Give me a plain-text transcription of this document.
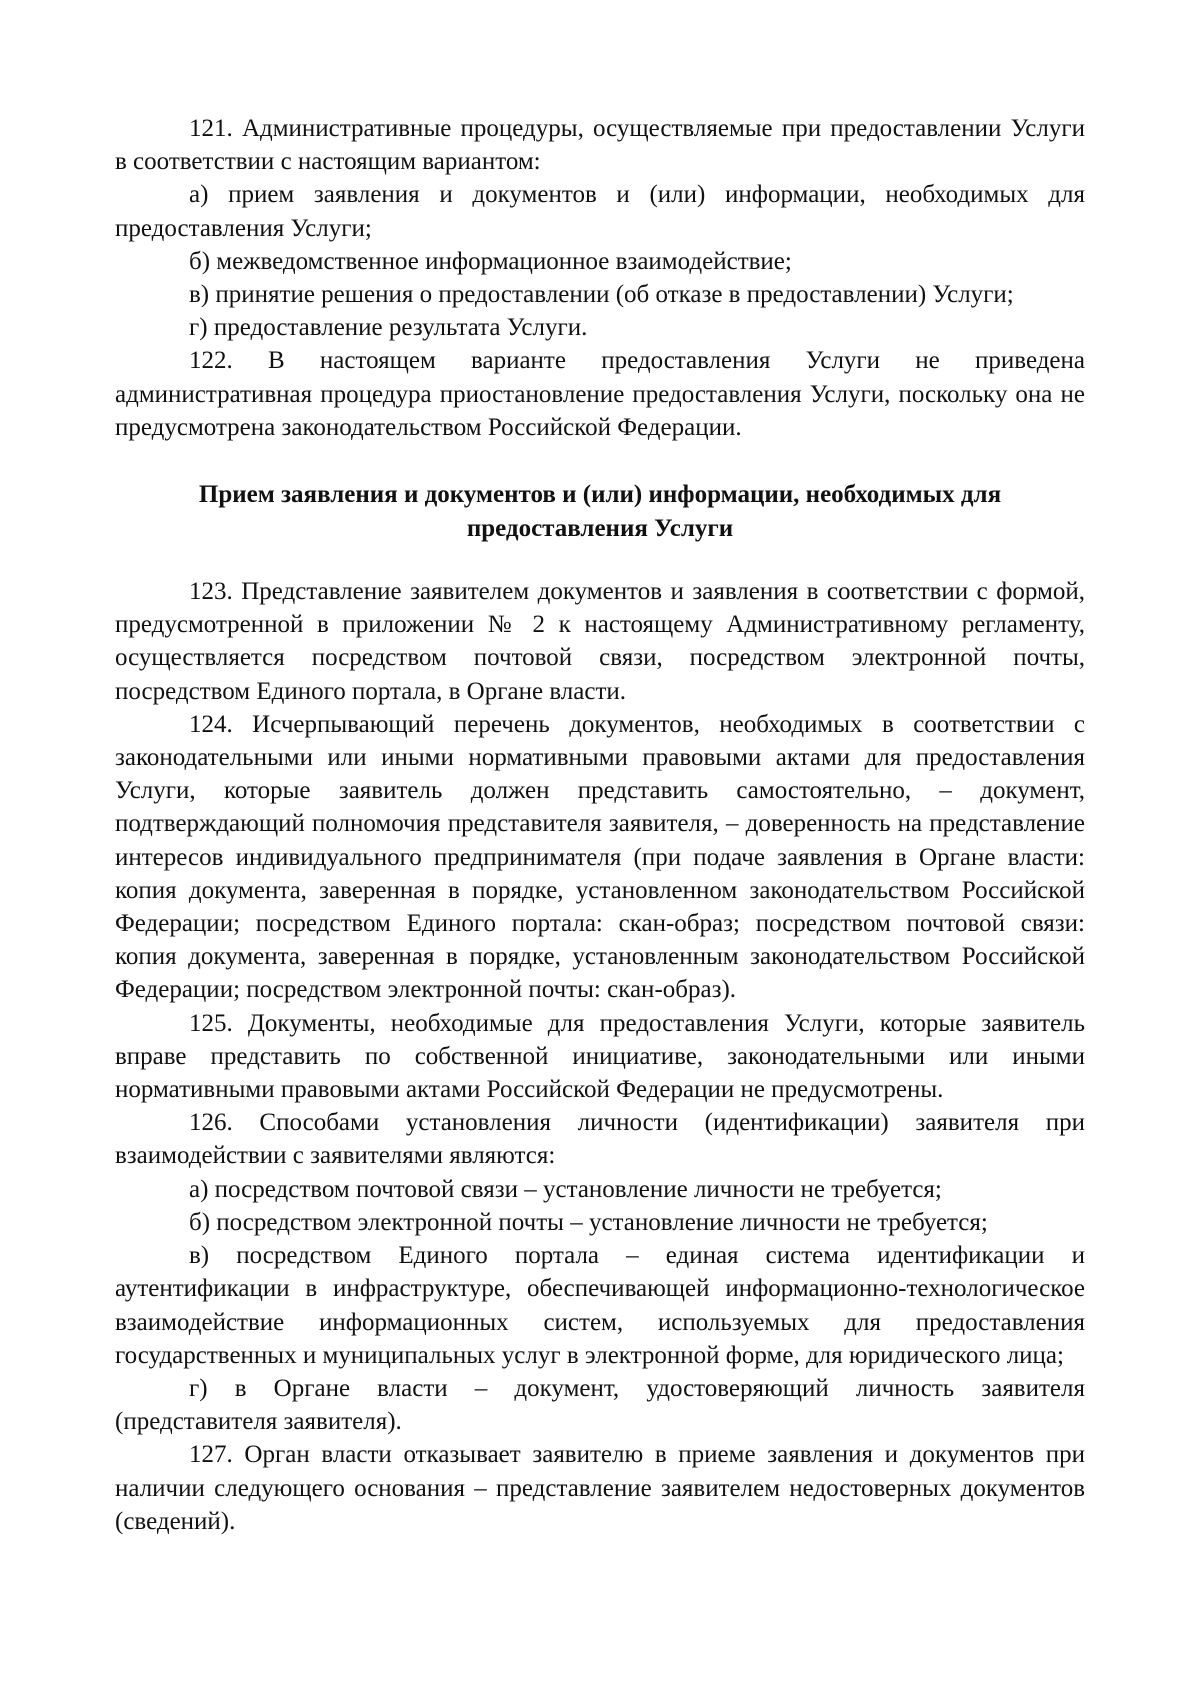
121. Административные процедуры, осуществляемые при предоставлении Услуги в соответствии с настоящим вариантом:

а) прием заявления и документов и (или) информации, необходимых для предоставления Услуги;

б) межведомственное информационное взаимодействие;

в) принятие решения о предоставлении (об отказе в предоставлении) Услуги;

г) предоставление результата Услуги.

122. В настоящем варианте предоставления Услуги не приведена административная процедура приостановление предоставления Услуги, поскольку она не предусмотрена законодательством Российской Федерации.

Прием заявления и документов и (или) информации, необходимых для
предоставления Услуги

123. Представление заявителем документов и заявления в соответствии с формой, предусмотренной в приложении № 2 к настоящему Административному регламенту, осуществляется посредством почтовой связи, посредством электронной почты, посредством Единого портала, в Органе власти.

124. Исчерпывающий перечень документов, необходимых в соответствии с законодательными или иными нормативными правовыми актами для предоставления Услуги, которые заявитель должен представить самостоятельно, – документ, подтверждающий полномочия представителя заявителя, – доверенность на представление интересов индивидуального предпринимателя (при подаче заявления в Органе власти: копия документа, заверенная в порядке, установленном законодательством Российской Федерации; посредством Единого портала: скан-образ; посредством почтовой связи: копия документа, заверенная в порядке, установленным законодательством Российской Федерации; посредством электронной почты: скан-образ).

125. Документы, необходимые для предоставления Услуги, которые заявитель вправе представить по собственной инициативе, законодательными или иными нормативными правовыми актами Российской Федерации не предусмотрены.

126. Способами установления личности (идентификации) заявителя при взаимодействии с заявителями являются:

а) посредством почтовой связи – установление личности не требуется;

б) посредством электронной почты – установление личности не требуется;

в) посредством Единого портала – единая система идентификации и аутентификации в инфраструктуре, обеспечивающей информационно-технологическое взаимодействие информационных систем, используемых для предоставления государственных и муниципальных услуг в электронной форме, для юридического лица;

г) в Органе власти – документ, удостоверяющий личность заявителя (представителя заявителя).

127. Орган власти отказывает заявителю в приеме заявления и документов при наличии следующего основания – представление заявителем недостоверных документов (сведений).
